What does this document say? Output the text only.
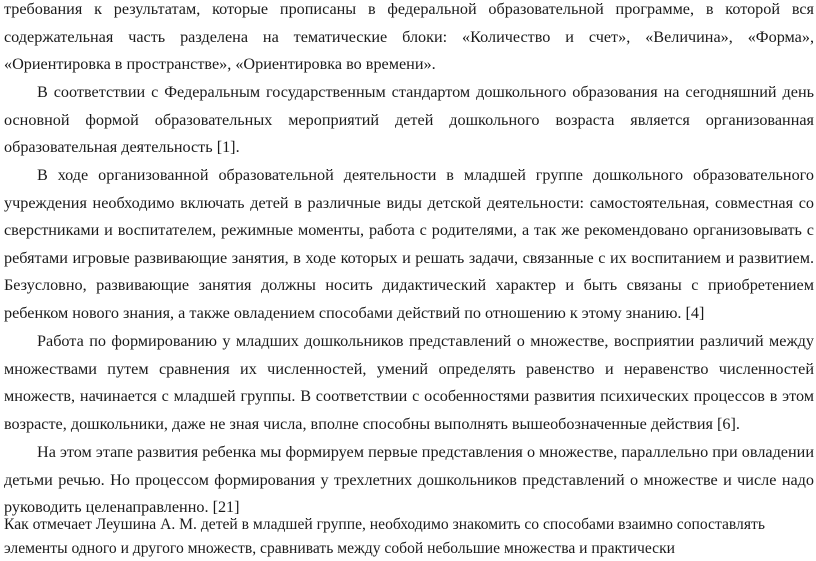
требования к результатам, которые прописаны в федеральной образовательной программе, в которой вся содержательная часть разделена на тематические блоки: «Количество и счет», «Величина», «Форма», «Ориентировка в пространстве», «Ориентировка во времени».

В соответствии с Федеральным государственным стандартом дошкольного образования на сегодняшний день основной формой образовательных мероприятий детей дошкольного возраста является организованная образовательная деятельность [1].

В ходе организованной образовательной деятельности в младшей группе дошкольного образовательного учреждения необходимо включать детей в различные виды детской деятельности: самостоятельная, совместная со сверстниками и воспитателем, режимные моменты, работа с родителями, а так же рекомендовано организовывать с ребятами игровые развивающие занятия, в ходе которых и решать задачи, связанные с их воспитанием и развитием. Безусловно, развивающие занятия должны носить дидактический характер и быть связаны с приобретением ребенком нового знания, а также овладением способами действий по отношению к этому знанию. [4]

Работа по формированию у младших дошкольников представлений о множестве, восприятии различий между множествами путем сравнения их численностей, умений определять равенство и неравенство численностей множеств, начинается с младшей группы. В соответствии с особенностями развития психических процессов в этом возрасте, дошкольники, даже не зная числа, вполне способны выполнять вышеобозначенные действия [6].

На этом этапе развития ребенка мы формируем первые представления о множестве, параллельно при овладении детьми речью. Но процессом формирования у трехлетних дошкольников представлений о множестве и числе надо руководить целенаправленно. [21]

Как отмечает Леушина А. М. детей в младшей группе, необходимо знакомить со способами взаимно сопоставлять элементы одного и другого множеств, сравнивать между собой небольшие множества и практически
